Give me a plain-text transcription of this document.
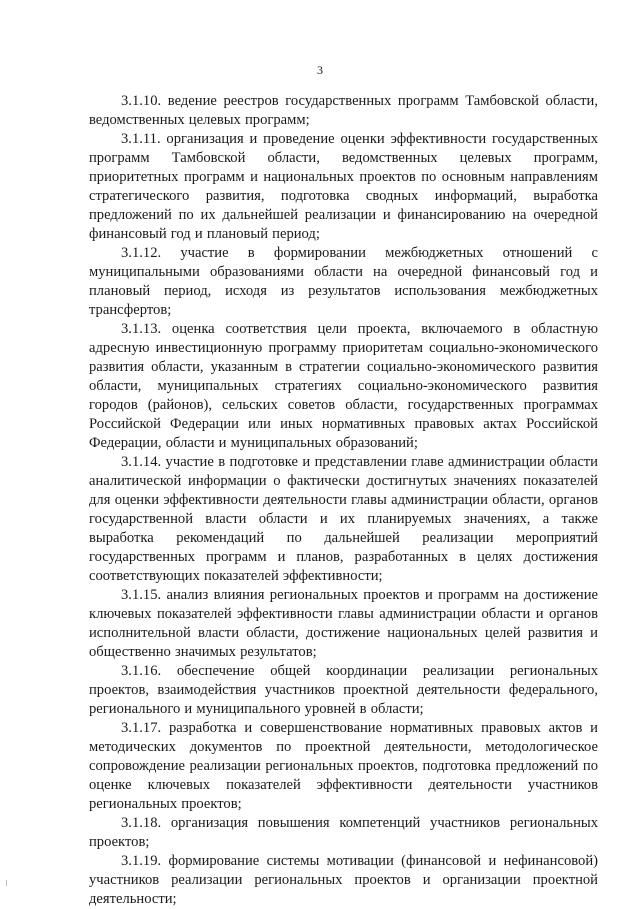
3

3.1.10. ведение реестров государственных программ Тамбовской области, ведомственных целевых программ;

3.1.11. организация и проведение оценки эффективности государственных программ Тамбовской области, ведомственных целевых программ, приоритетных программ и национальных проектов по основным направлениям стратегического развития, подготовка сводных информаций, выработка предложений по их дальнейшей реализации и финансированию на очередной финансовый год и плановый период;

3.1.12. участие в формировании межбюджетных отношений с муниципальными образованиями области на очередной финансовый год и плановый период, исходя из результатов использования межбюджетных трансфертов;

3.1.13. оценка соответствия цели проекта, включаемого в областную адресную инвестиционную программу приоритетам социально-экономического развития области, указанным в стратегии социально-экономического развития области, муниципальных стратегиях социально-экономического развития городов (районов), сельских советов области, государственных программах Российской Федерации или иных нормативных правовых актах Российской Федерации, области и муниципальных образований;

3.1.14. участие в подготовке и представлении главе администрации области аналитической информации о фактически достигнутых значениях показателей для оценки эффективности деятельности главы администрации области, органов государственной власти области и их планируемых значениях, а также выработка рекомендаций по дальнейшей реализации мероприятий государственных программ и планов, разработанных в целях достижения соответствующих показателей эффективности;

3.1.15. анализ влияния региональных проектов и программ на достижение ключевых показателей эффективности главы администрации области и органов исполнительной власти области, достижение национальных целей развития и общественно значимых результатов;

3.1.16. обеспечение общей координации реализации региональных проектов, взаимодействия участников проектной деятельности федерального, регионального и муниципального уровней в области;

3.1.17. разработка и совершенствование нормативных правовых актов и методических документов по проектной деятельности, методологическое сопровождение реализации региональных проектов, подготовка предложений по оценке ключевых показателей эффективности деятельности участников региональных проектов;

3.1.18. организация повышения компетенций участников региональных проектов;

3.1.19. формирование системы мотивации (финансовой и нефинансовой) участников реализации региональных проектов и организации проектной деятельности;
